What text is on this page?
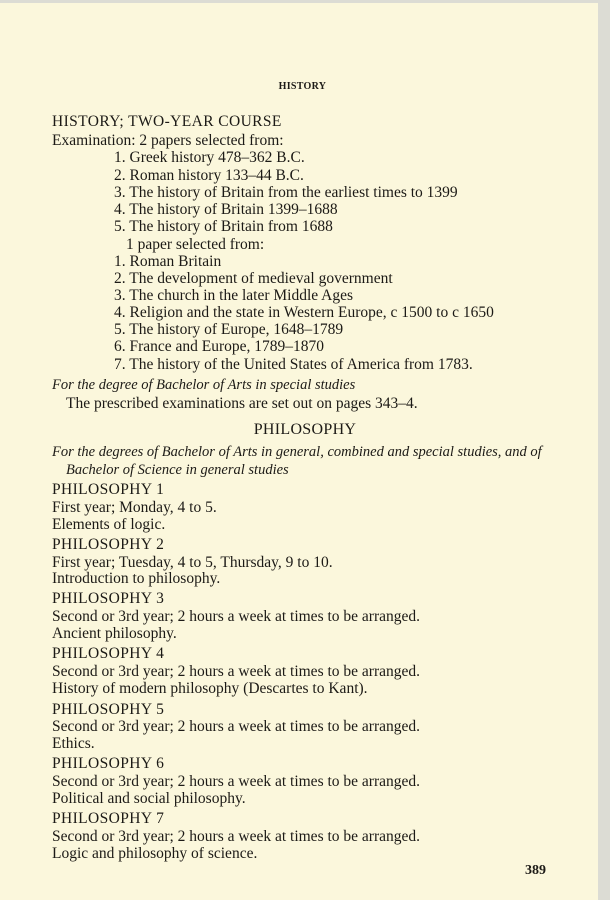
HISTORY
HISTORY; TWO-YEAR COURSE
Examination: 2 papers selected from:
1. Greek history 478–362 B.C.
2. Roman history 133–44 B.C.
3. The history of Britain from the earliest times to 1399
4. The history of Britain 1399–1688
5. The history of Britain from 1688
1 paper selected from:
1. Roman Britain
2. The development of medieval government
3. The church in the later Middle Ages
4. Religion and the state in Western Europe, c 1500 to c 1650
5. The history of Europe, 1648–1789
6. France and Europe, 1789–1870
7. The history of the United States of America from 1783.
For the degree of Bachelor of Arts in special studies
The prescribed examinations are set out on pages 343–4.
PHILOSOPHY
For the degrees of Bachelor of Arts in general, combined and special studies, and of
Bachelor of Science in general studies
PHILOSOPHY 1
First year; Monday, 4 to 5.
Elements of logic.
PHILOSOPHY 2
First year; Tuesday, 4 to 5, Thursday, 9 to 10.
Introduction to philosophy.
PHILOSOPHY 3
Second or 3rd year; 2 hours a week at times to be arranged.
Ancient philosophy.
PHILOSOPHY 4
Second or 3rd year; 2 hours a week at times to be arranged.
History of modern philosophy (Descartes to Kant).
PHILOSOPHY 5
Second or 3rd year; 2 hours a week at times to be arranged.
Ethics.
PHILOSOPHY 6
Second or 3rd year; 2 hours a week at times to be arranged.
Political and social philosophy.
PHILOSOPHY 7
Second or 3rd year; 2 hours a week at times to be arranged.
Logic and philosophy of science.
389
